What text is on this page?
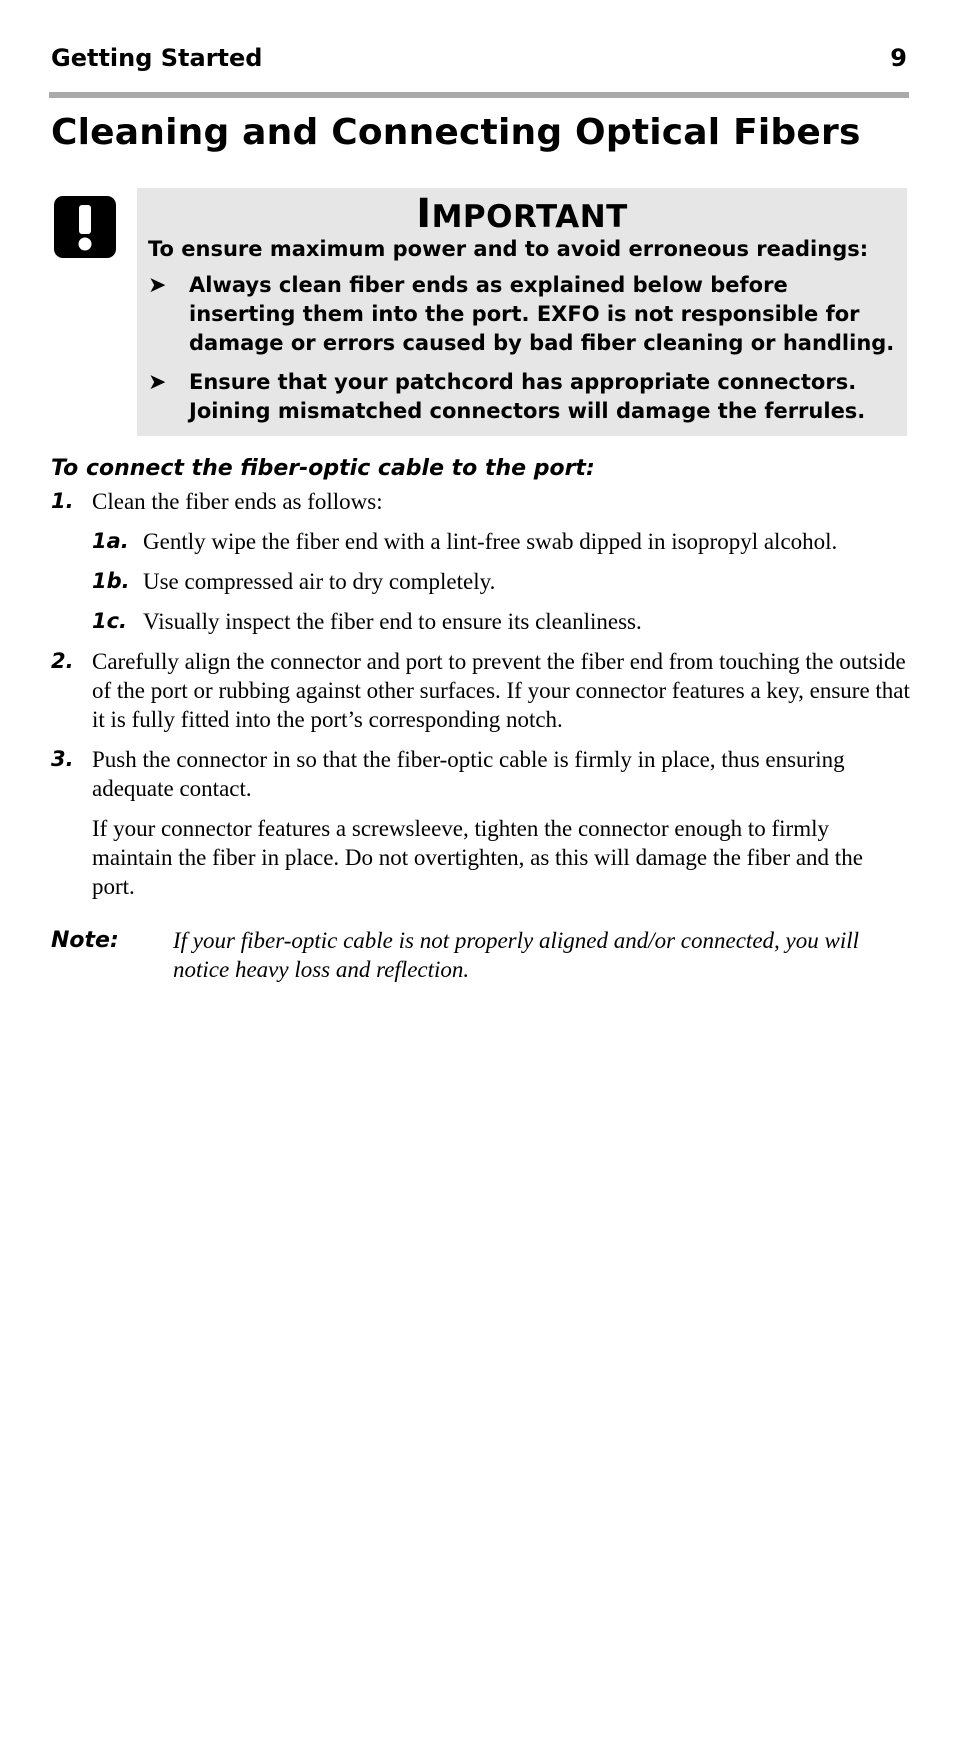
Getting Started	9
Cleaning and Connecting Optical Fibers
IMPORTANT
To ensure maximum power and to avoid erroneous readings:
➤ Always clean fiber ends as explained below before inserting them into the port. EXFO is not responsible for damage or errors caused by bad fiber cleaning or handling.
➤ Ensure that your patchcord has appropriate connectors. Joining mismatched connectors will damage the ferrules.
To connect the fiber-optic cable to the port:
1. Clean the fiber ends as follows:
1a. Gently wipe the fiber end with a lint-free swab dipped in isopropyl alcohol.
1b. Use compressed air to dry completely.
1c. Visually inspect the fiber end to ensure its cleanliness.
2. Carefully align the connector and port to prevent the fiber end from touching the outside of the port or rubbing against other surfaces. If your connector features a key, ensure that it is fully fitted into the port’s corresponding notch.
3. Push the connector in so that the fiber-optic cable is firmly in place, thus ensuring adequate contact.
If your connector features a screwsleeve, tighten the connector enough to firmly maintain the fiber in place. Do not overtighten, as this will damage the fiber and the port.
Note: If your fiber-optic cable is not properly aligned and/or connected, you will notice heavy loss and reflection.
